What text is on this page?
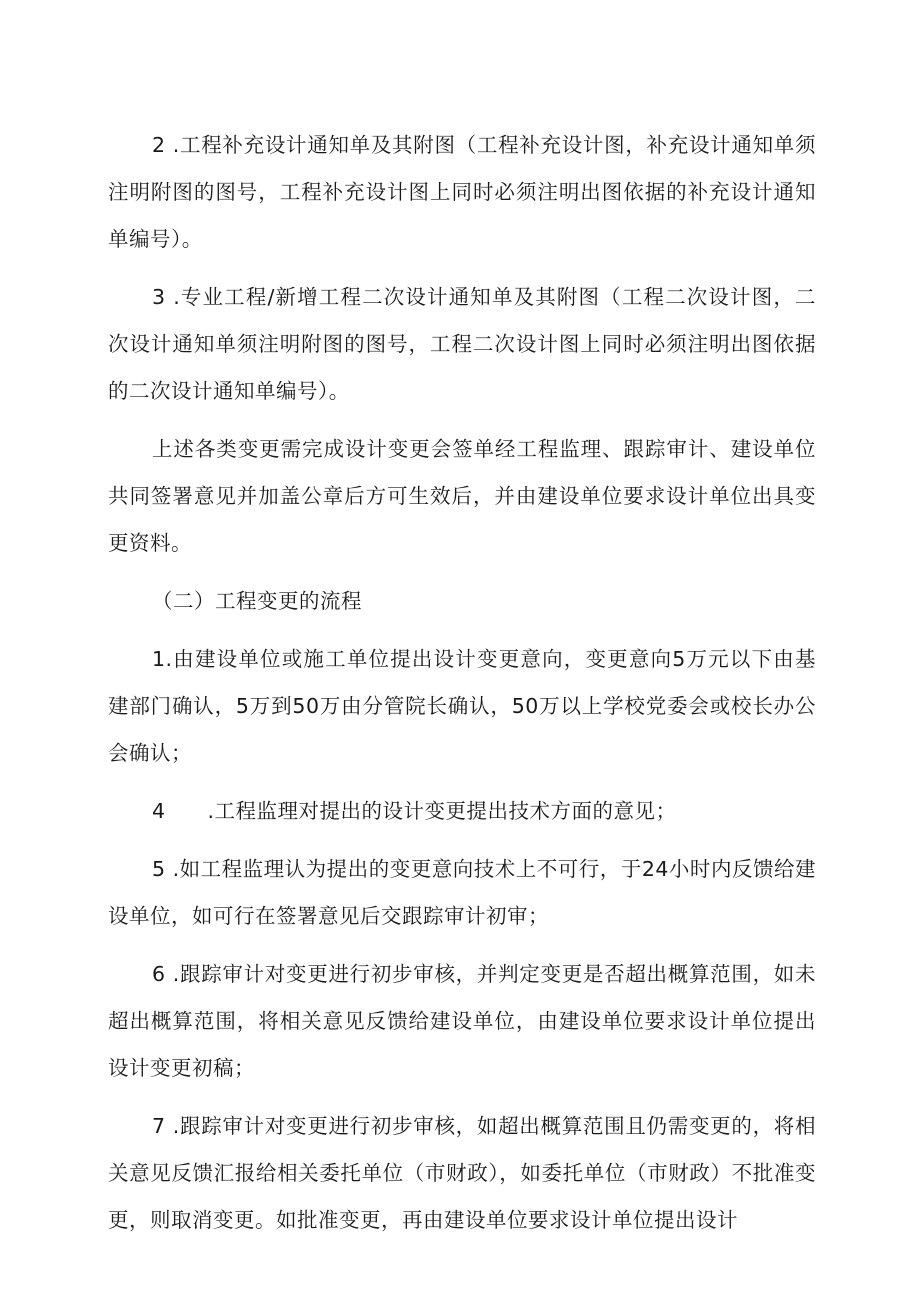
2 .工程补充设计通知单及其附图（工程补充设计图，补充设计通知单须注明附图的图号，工程补充设计图上同时必须注明出图依据的补充设计通知单编号）。

3 .专业工程/新增工程二次设计通知单及其附图（工程二次设计图，二次设计通知单须注明附图的图号，工程二次设计图上同时必须注明出图依据的二次设计通知单编号）。

上述各类变更需完成设计变更会签单经工程监理、跟踪审计、建设单位共同签署意见并加盖公章后方可生效后，并由建设单位要求设计单位出具变更资料。

（二）工程变更的流程

1.由建设单位或施工单位提出设计变更意向，变更意向5万元以下由基建部门确认，5万到50万由分管院长确认，50万以上学校党委会或校长办公会确认；

4　　.工程监理对提出的设计变更提出技术方面的意见；

5 .如工程监理认为提出的变更意向技术上不可行，于24小时内反馈给建设单位，如可行在签署意见后交跟踪审计初审；

6 .跟踪审计对变更进行初步审核，并判定变更是否超出概算范围，如未超出概算范围，将相关意见反馈给建设单位，由建设单位要求设计单位提出设计变更初稿；

7 .跟踪审计对变更进行初步审核，如超出概算范围且仍需变更的，将相关意见反馈汇报给相关委托单位（市财政），如委托单位（市财政）不批准变更，则取消变更。如批准变更，再由建设单位要求设计单位提出设计
